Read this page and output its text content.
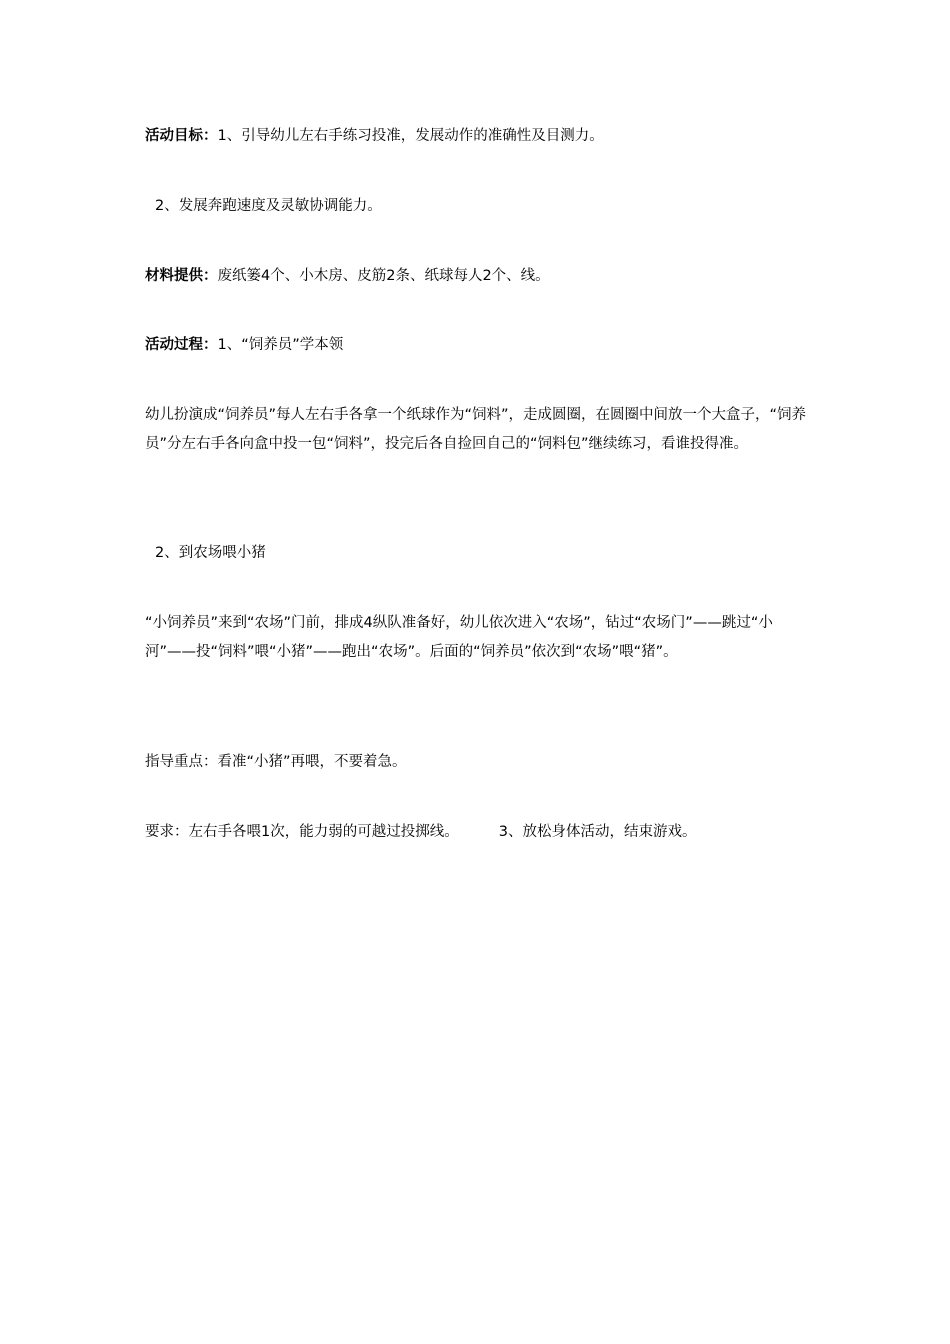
活动目标：1、引导幼儿左右手练习投准，发展动作的准确性及目测力。

2、发展奔跑速度及灵敏协调能力。

材料提供：废纸篓4个、小木房、皮筋2条、纸球每人2个、线。

活动过程：1、“饲养员”学本领

幼儿扮演成“饲养员”每人左右手各拿一个纸球作为“饲料”，走成圆圈，在圆圈中间放一个大盒子，“饲养员”分左右手各向盒中投一包“饲料”，投完后各自捡回自己的“饲料包”继续练习，看谁投得准。

2、到农场喂小猪

“小饲养员”来到“农场”门前，排成4纵队准备好，幼儿依次进入“农场”，钻过“农场门”——跳过“小河”——投“饲料”喂“小猪”——跑出“农场”。后面的“饲养员”依次到“农场”喂“猪”。

指导重点：看准“小猪”再喂，不要着急。

要求：左右手各喂1次，能力弱的可越过投掷线。	3、放松身体活动，结束游戏。
